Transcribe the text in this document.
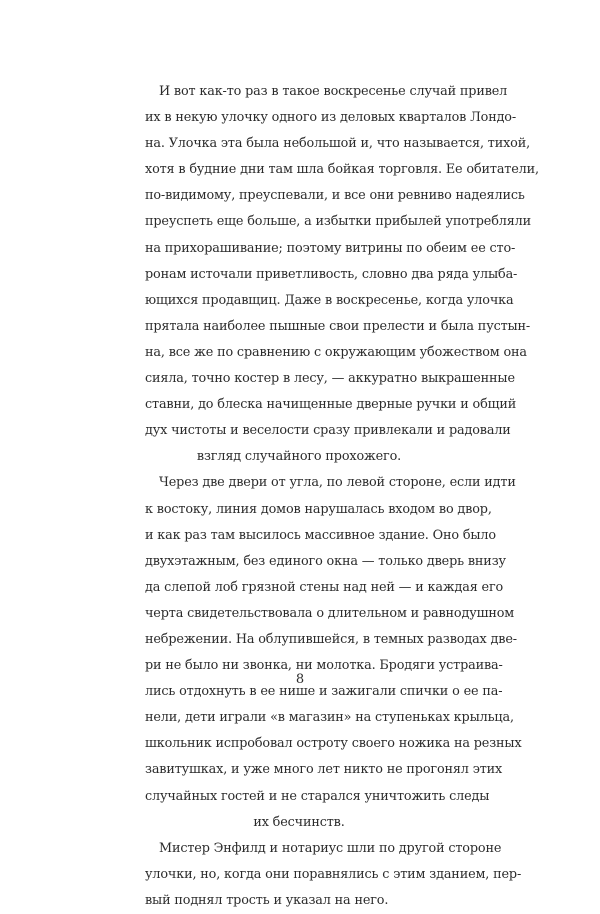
И вот как-то раз в такое воскресенье случай привел
их в некую улочку одного из деловых кварталов Лондо-
на. Улочка эта была небольшой и, что называется, тихой,
хотя в будние дни там шла бойкая торговля. Ее обитатели,
по-видимому, преуспевали, и все они ревниво надеялись
преуспеть еще больше, а избытки прибылей употребляли
на прихорашивание; поэтому витрины по обеим ее сто-
ронам источали приветливость, словно два ряда улыба-
ющихся продавщиц. Даже в воскресенье, когда улочка
прятала наиболее пышные свои прелести и была пустын-
на, все же по сравнению с окружающим убожеством она
сияла, точно костер в лесу, — аккуратно выкрашенные
ставни, до блеска начищенные дверные ручки и общий
дух чистоты и веселости сразу привлекали и радовали
взгляд случайного прохожего.
Через две двери от угла, по левой стороне, если идти
к востоку, линия домов нарушалась входом во двор,
и как раз там высилось массивное здание. Оно было
двухэтажным, без единого окна — только дверь внизу
да слепой лоб грязной стены над ней — и каждая его
черта свидетельствовала о длительном и равнодушном
небрежении. На облупившейся, в темных разводах две-
ри не было ни звонка, ни молотка. Бродяги устраива-
лись отдохнуть в ее нише и зажигали спички о ее па-
нели, дети играли «в магазин» на ступеньках крыльца,
школьник испробовал остроту своего ножика на резных
завитушках, и уже много лет никто не прогонял этих
случайных гостей и не старался уничтожить следы
их бесчинств.
Мистер Энфилд и нотариус шли по другой стороне
улочки, но, когда они поравнялись с этим зданием, пер-
вый поднял трость и указал на него.
8
